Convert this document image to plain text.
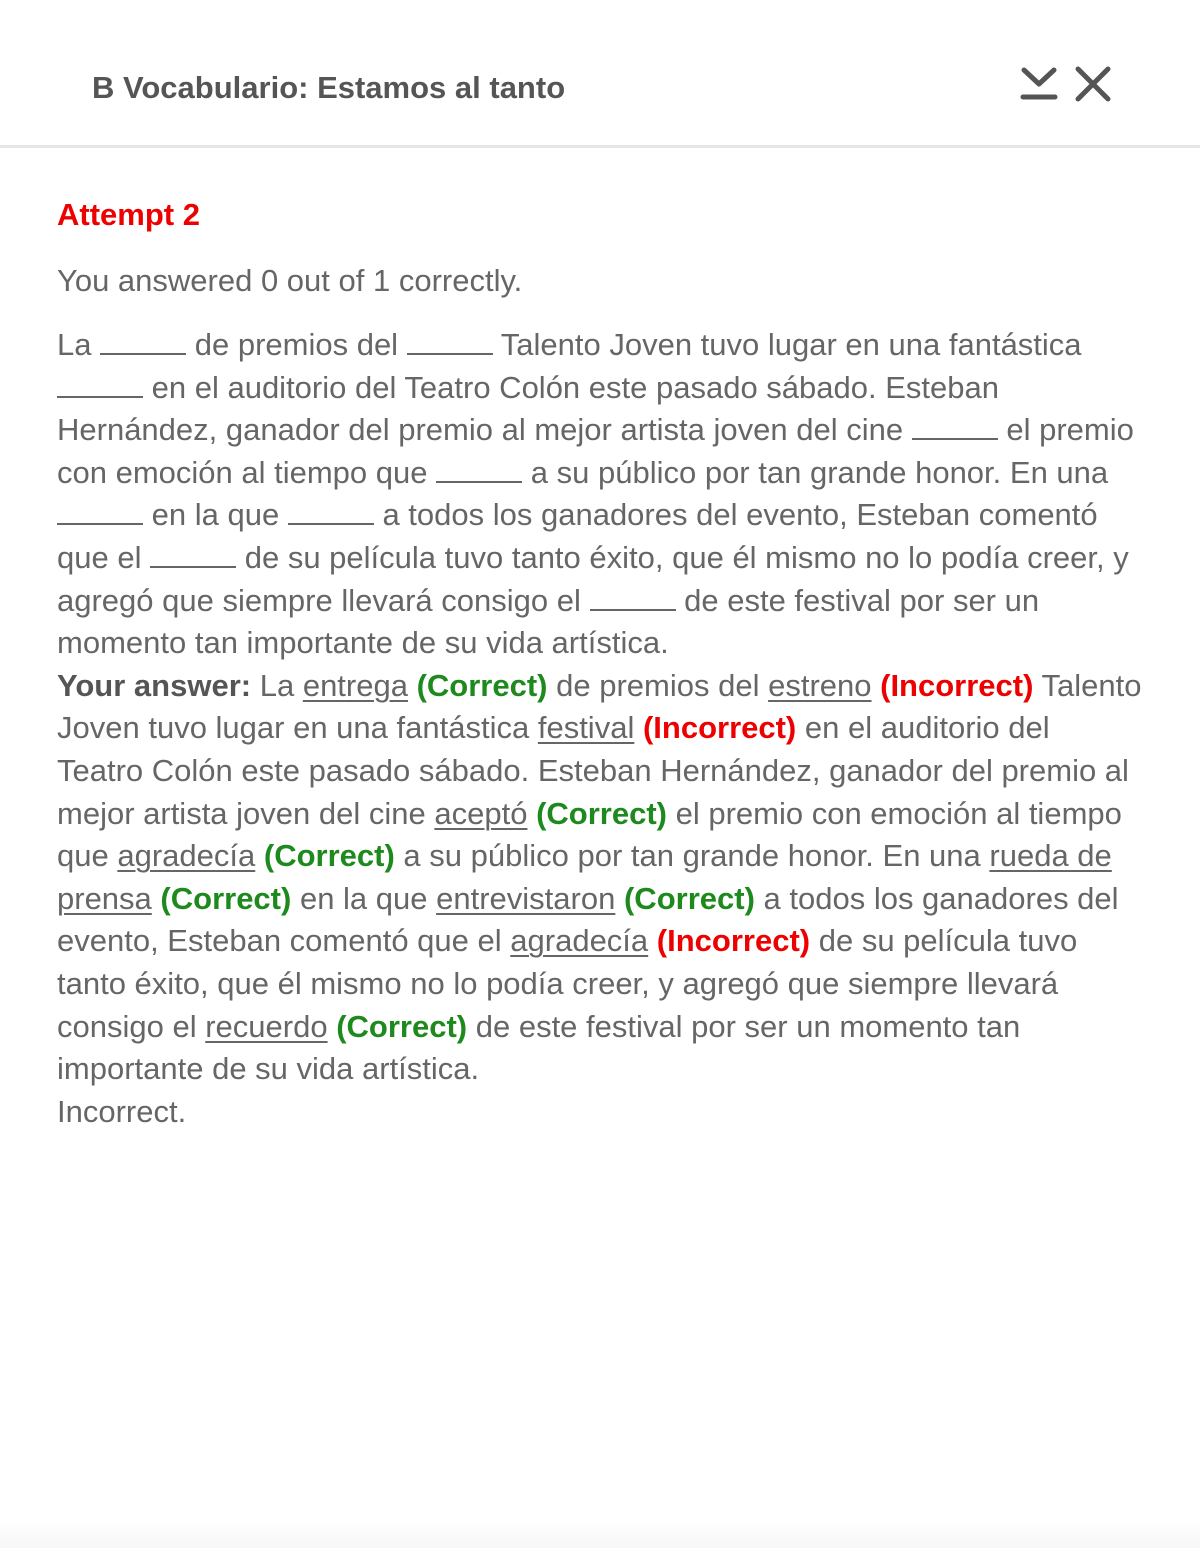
B Vocabulario: Estamos al tanto

Attempt 2

You answered 0 out of 1 correctly.

La	de premios del	Talento Joven tuvo lugar en una fantástica  en el auditorio del Teatro Colón este pasado sábado. Esteban Hernández, ganador del premio al mejor artista joven del cine	el premio con emoción al tiempo que	a su público por tan grande honor. En una  en la que	a todos los ganadores del evento, Esteban comentó que el	de su película tuvo tanto éxito, que él mismo no lo podía creer, y agregó que siempre llevará consigo el	de este festival por ser un momento tan importante de su vida artística.

Your answer: La entrega (Correct) de premios del estreno (Incorrect) Talento Joven tuvo lugar en una fantástica festival (Incorrect) en el auditorio del Teatro Colón este pasado sábado. Esteban Hernández, ganador del premio al mejor artista joven del cine aceptó (Correct) el premio con emoción al tiempo que agradecía (Correct) a su público por tan grande honor. En una rueda de prensa (Correct) en la que entrevistaron (Correct) a todos los ganadores del evento, Esteban comentó que el agradecía (Incorrect) de su película tuvo tanto éxito, que él mismo no lo podía creer, y agregó que siempre llevará consigo el recuerdo (Correct) de este festival por ser un momento tan importante de su vida artística.
Incorrect.
